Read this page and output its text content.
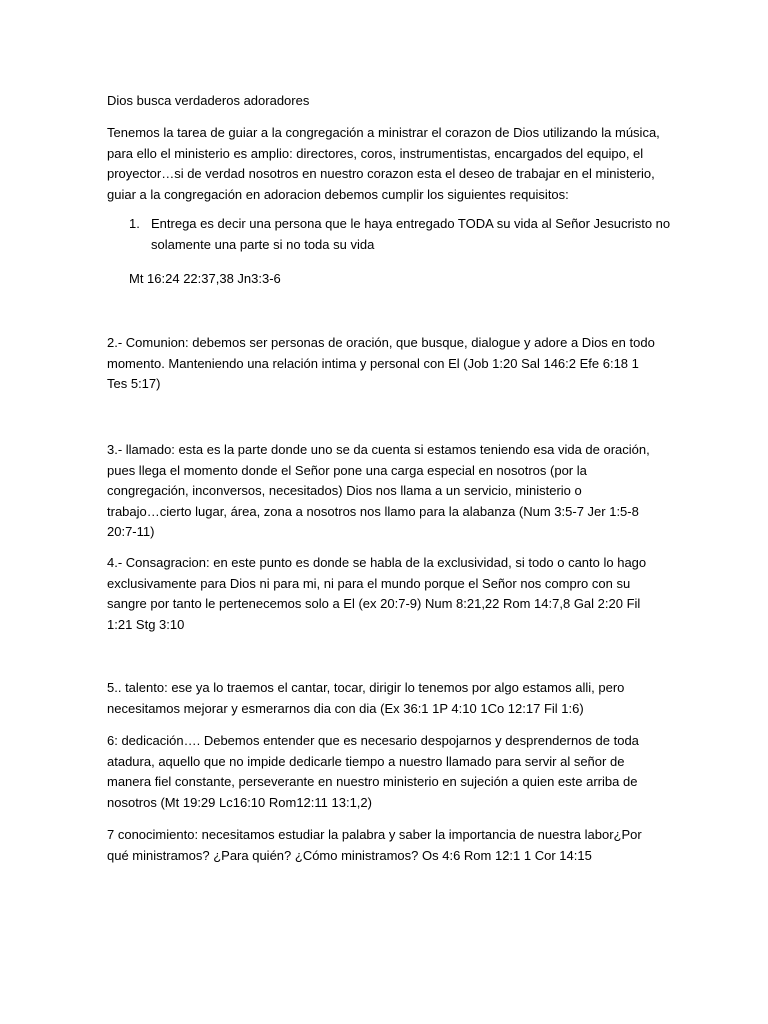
Dios busca verdaderos adoradores

Tenemos la tarea de guiar a la congregación a ministrar el corazon de Dios utilizando la música,
para ello el ministerio es amplio: directores, coros, instrumentistas, encargados del equipo, el
proyector…si de verdad nosotros en nuestro corazon esta el deseo de trabajar en el ministerio,
guiar a la congregación en adoracion debemos cumplir los siguientes requisitos:

1. Entrega es decir una persona que le haya entregado TODA su vida al Señor Jesucristo no
solamente una parte si no toda su vida

Mt 16:24 22:37,38 Jn3:3-6

2.- Comunion: debemos ser personas de oración, que busque, dialogue y adore a Dios en todo
momento. Manteniendo una relación intima y personal con El (Job 1:20 Sal 146:2 Efe 6:18 1
Tes 5:17)

3.- llamado: esta es la parte donde uno se da cuenta si estamos teniendo esa vida de oración,
pues llega el momento donde el Señor pone una carga especial en nosotros (por la
congregación, inconversos, necesitados) Dios nos llama a un servicio, ministerio o
trabajo…cierto lugar, área, zona a nosotros nos llamo para la alabanza (Num 3:5-7 Jer 1:5-8
20:7-11)

4.- Consagracion: en este punto es donde se habla de la exclusividad, si todo o canto lo hago
exclusivamente para Dios ni para mi, ni para el mundo porque el Señor nos compro con su
sangre por tanto le pertenecemos solo a El (ex 20:7-9) Num 8:21,22 Rom 14:7,8 Gal 2:20 Fil
1:21 Stg 3:10

5.. talento: ese ya lo traemos el cantar, tocar, dirigir lo tenemos por algo estamos alli, pero
necesitamos mejorar y esmerarnos dia con dia (Ex 36:1 1P 4:10 1Co 12:17 Fil 1:6)

6: dedicación…. Debemos entender que es necesario despojarnos y desprendernos de toda
atadura, aquello que no impide dedicarle tiempo a nuestro llamado para servir al señor de
manera fiel constante, perseverante en nuestro ministerio en sujeción a quien este arriba de
nosotros (Mt 19:29 Lc16:10 Rom12:11 13:1,2)

7 conocimiento: necesitamos estudiar la palabra y saber la importancia de nuestra labor¿Por
qué ministramos? ¿Para quién? ¿Cómo ministramos? Os 4:6 Rom 12:1 1 Cor 14:15
